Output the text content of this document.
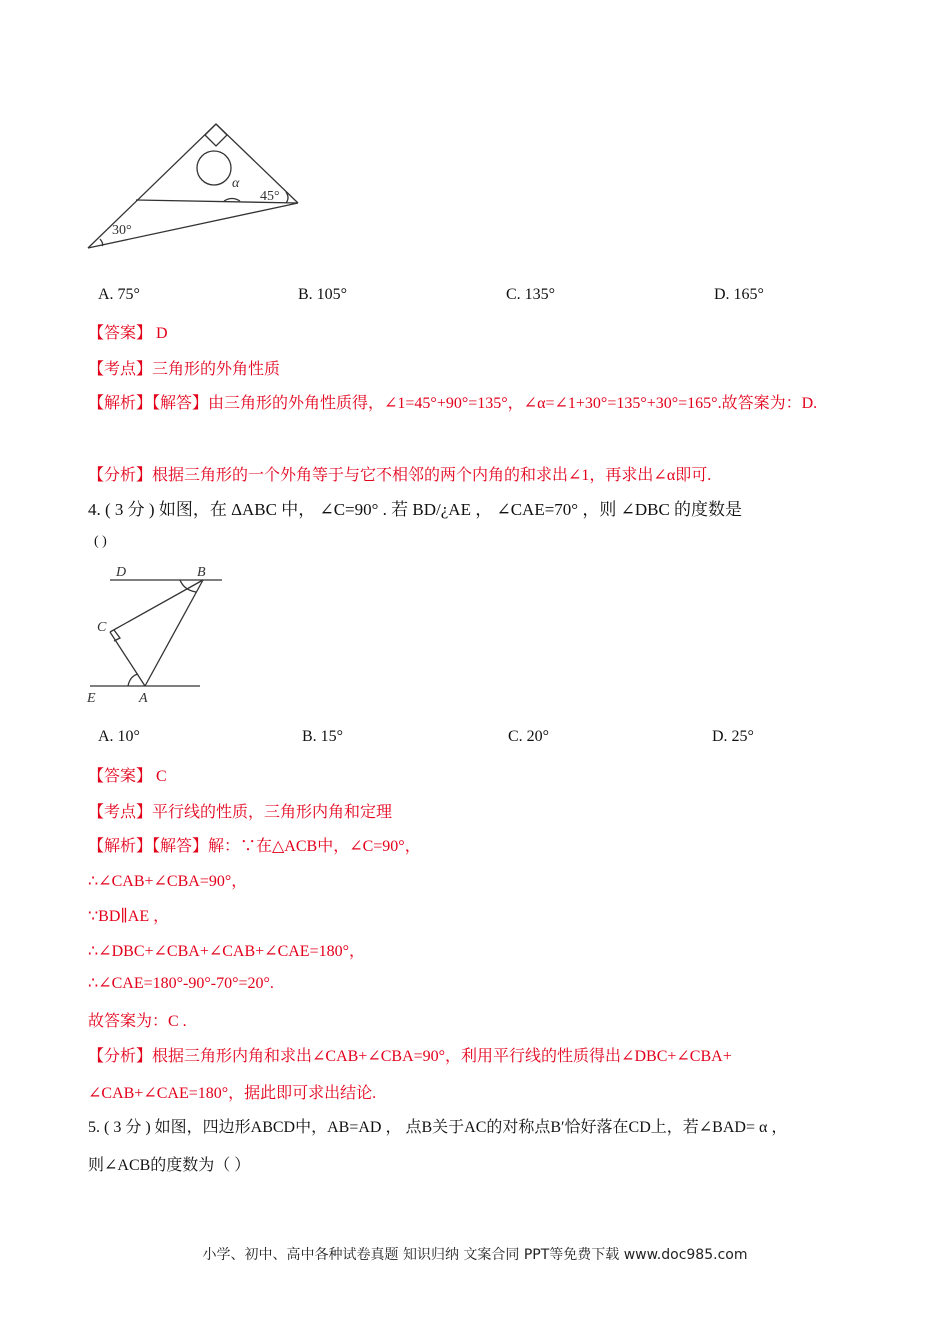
α
45°
30°
A. 75°	B. 105°	C. 135°	D. 165°
【答案】 D
【考点】三角形的外角性质
【解析】【解答】由三角形的外角性质得，∠1=45°+90°=135°，∠α=∠1+30°=135°+30°=165°.故答案为：D.
【分析】根据三角形的一个外角等于与它不相邻的两个内角的和求出∠1，再求出∠α即可.
4. ( 3 分 ) 如图，在 ΔABC 中， ∠C=90° . 若 BD/¿AE ， ∠CAE=70° ，则 ∠DBC 的度数是
( )
D	B
C
E	A
A. 10°	B. 15°	C. 20°	D. 25°
【答案】 C
【考点】平行线的性质，三角形内角和定理
【解析】【解答】解：∵在△ACB中，∠C=90°，
∴∠CAB+∠CBA=90°，
∵BD∥AE ，
∴∠DBC+∠CBA+∠CAB+∠CAE=180°，
∴∠CAE=180°-90°-70°=20°.
故答案为：C .
【分析】根据三角形内角和求出∠CAB+∠CBA=90°，利用平行线的性质得出∠DBC+∠CBA+
∠CAB+∠CAE=180°，据此即可求出结论.
5. ( 3 分 ) 如图，四边形ABCD中，AB=AD ， 点B关于AC的对称点B′恰好落在CD上，若∠BAD= α ，
则∠ACB的度数为（ ）
小学、初中、高中各种试卷真题 知识归纳 文案合同 PPT等免费下载 www.doc985.com
